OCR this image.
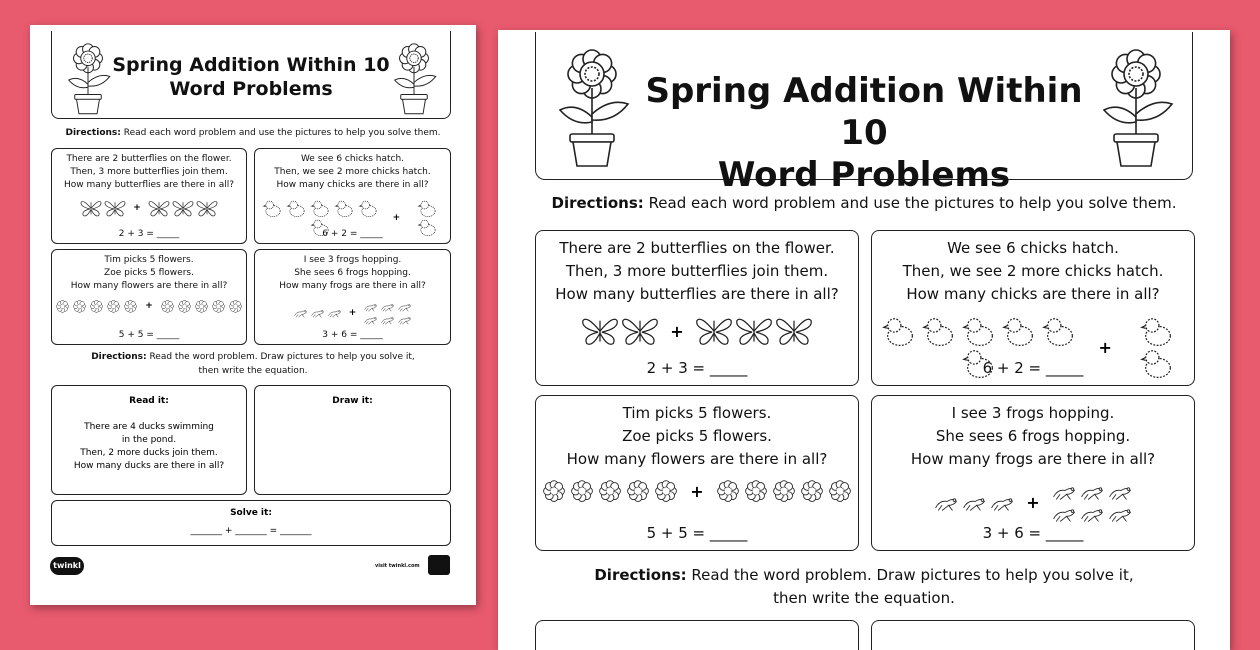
Spring Addition Within 10
Word Problems
Directions: Read each word problem and use the pictures to help you solve them.
There are 2 butterflies on the flower.
Then, 3 more butterflies join them.
How many butterflies are there in all?
+
2 + 3 = _____
We see 6 chicks hatch.
Then, we see 2 more chicks hatch.
How many chicks are there in all?
+
6 + 2 = _____
Tim picks 5 flowers.
Zoe picks 5 flowers.
How many flowers are there in all?
+
5 + 5 = _____
I see 3 frogs hopping.
She sees 6 frogs hopping.
How many frogs are there in all?
+
3 + 6 = _____
Directions: Read the word problem. Draw pictures to help you solve it,
then write the equation.
Read it:
There are 4 ducks swimming
in the pond.
Then, 2 more ducks join them.
How many ducks are there in all?
Draw it:
Solve it:
_______ + _______ = _______
twinkl	visit twinkl.com
Spring Addition Within 10
Word Problems
Directions: Read each word problem and use the pictures to help you solve them.
There are 2 butterflies on the flower.
Then, 3 more butterflies join them.
How many butterflies are there in all?
+
2 + 3 = _____
We see 6 chicks hatch.
Then, we see 2 more chicks hatch.
How many chicks are there in all?
+
6 + 2 = _____
Tim picks 5 flowers.
Zoe picks 5 flowers.
How many flowers are there in all?
+
5 + 5 = _____
I see 3 frogs hopping.
She sees 6 frogs hopping.
How many frogs are there in all?
+
3 + 6 = _____
Directions: Read the word problem. Draw pictures to help you solve it,
then write the equation.
